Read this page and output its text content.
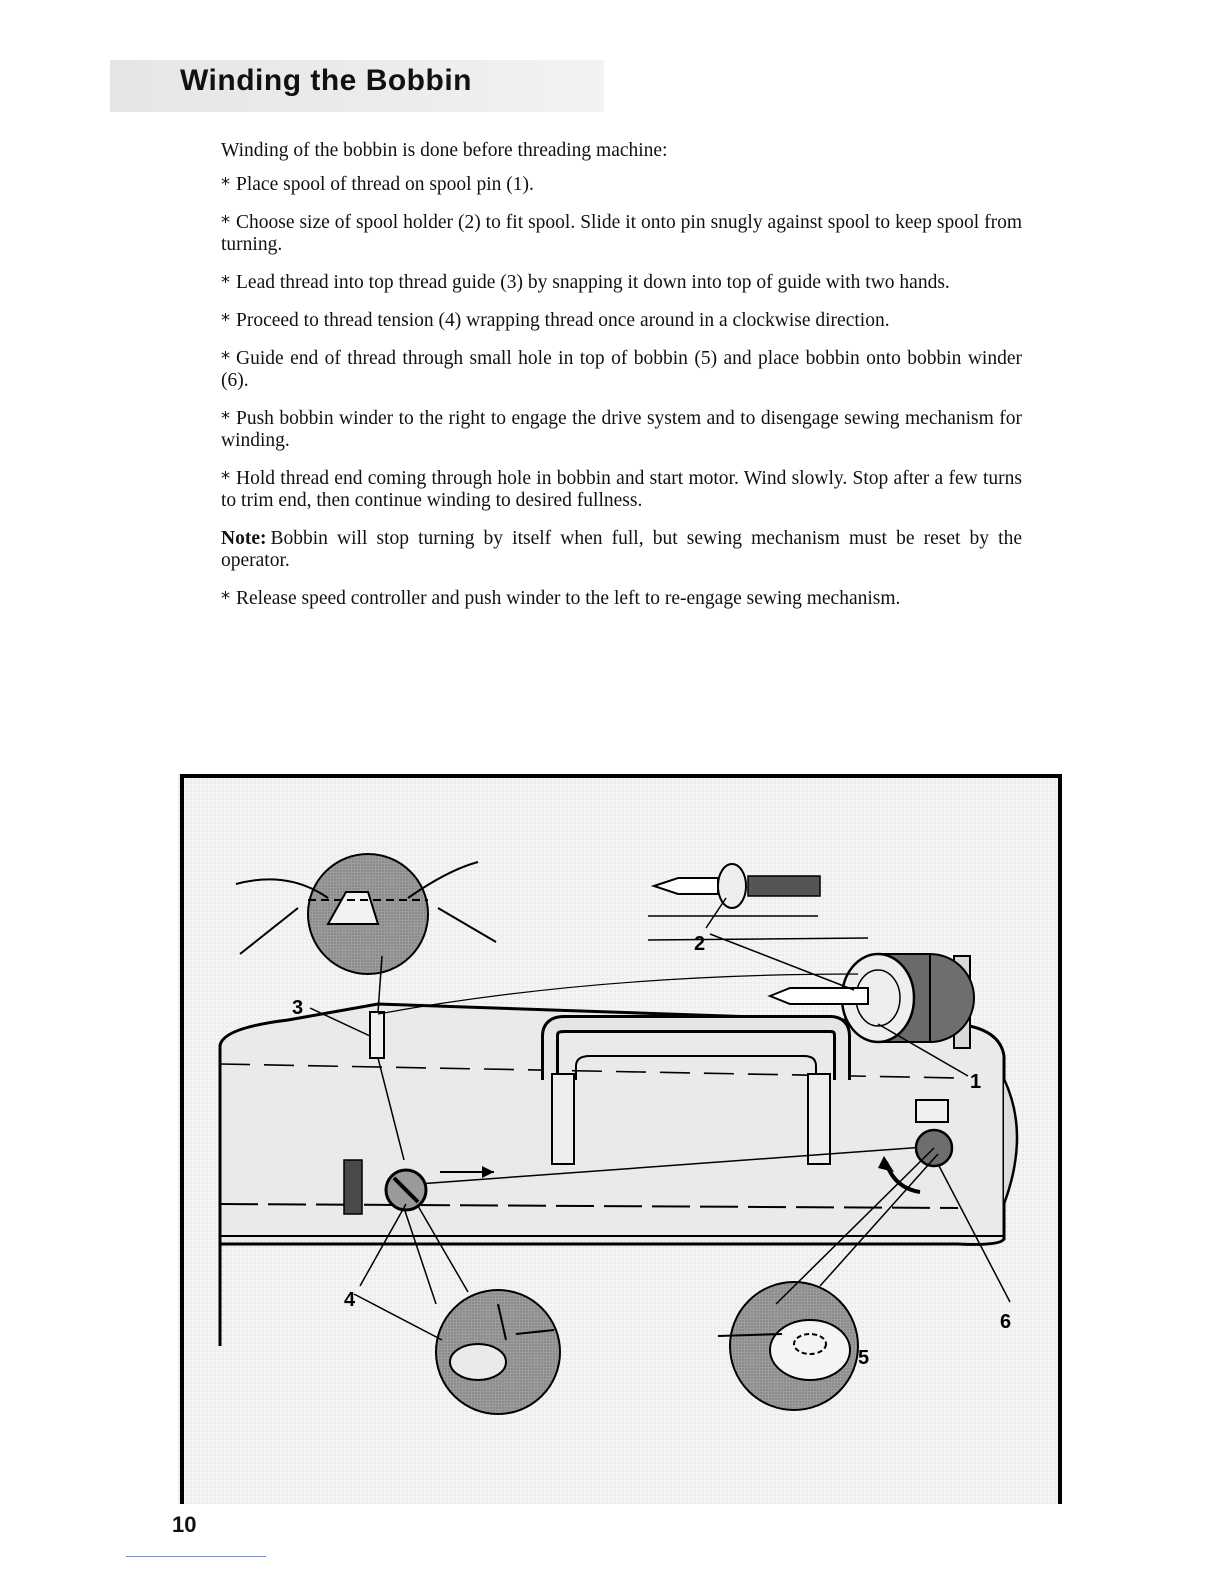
Winding the Bobbin

Winding of the bobbin is done before threading machine:

* Place spool of thread on spool pin (1).

* Choose size of spool holder (2) to fit spool. Slide it onto pin snugly against spool to keep spool from turning.

* Lead thread into top thread guide (3) by snapping it down into top of guide with two hands.

* Proceed to thread tension (4) wrapping thread once around in a clockwise direction.

* Guide end of thread through small hole in top of bobbin (5) and place bobbin onto bobbin winder (6).

* Push bobbin winder to the right to engage the drive system and to disengage sewing mechanism for winding.

* Hold thread end coming through hole in bobbin and start motor. Wind slowly. Stop after a few turns to trim end, then continue winding to desired fullness.

Note: Bobbin will stop turning by itself when full, but sewing mechanism must be reset by the operator.

* Release speed controller and push winder to the left to re-engage sewing mechanism.

1
2
3
4
5
6
10
